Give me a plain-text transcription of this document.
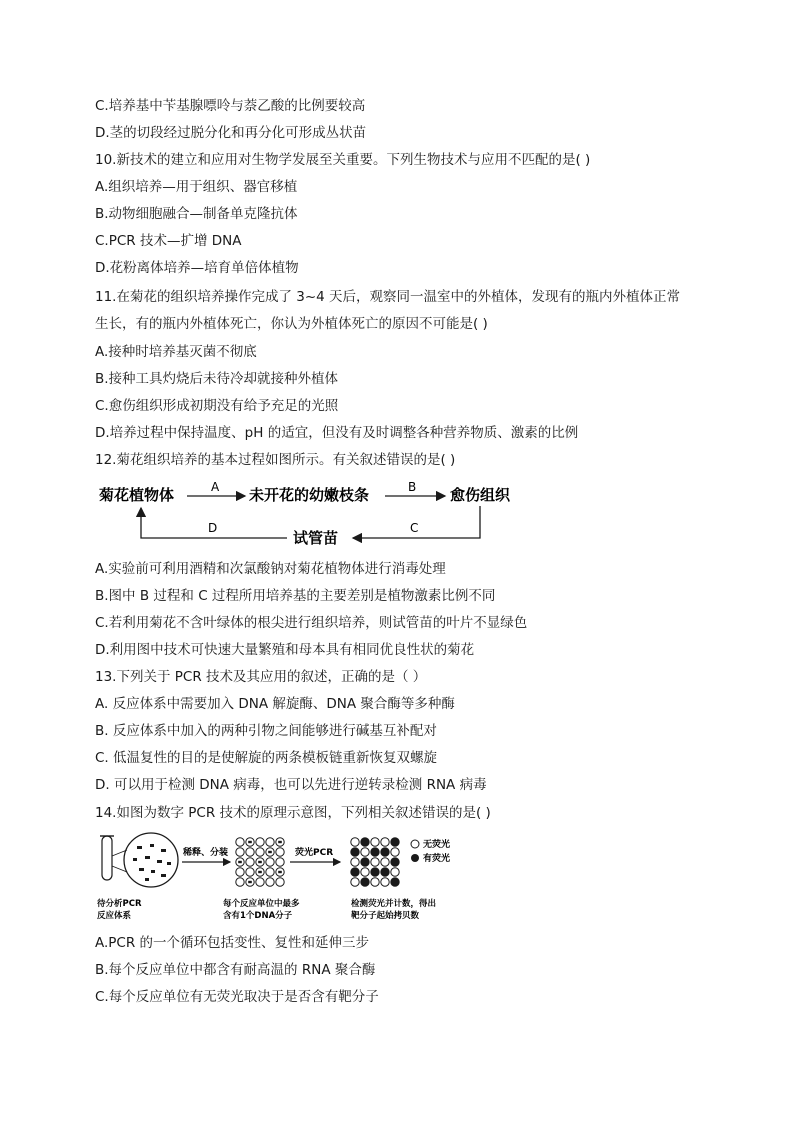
C.培养基中苄基腺嘌呤与萘乙酸的比例要较高
D.茎的切段经过脱分化和再分化可形成丛状苗
10.新技术的建立和应用对生物学发展至关重要。下列生物技术与应用不匹配的是( )
A.组织培养—用于组织、器官移植
B.动物细胞融合—制备单克隆抗体
C.PCR 技术—扩增 DNA
D.花粉离体培养—培育单倍体植物
11.在菊花的组织培养操作完成了 3~4 天后，观察同一温室中的外植体，发现有的瓶内外植体正常
生长，有的瓶内外植体死亡，你认为外植体死亡的原因不可能是( )
A.接种时培养基灭菌不彻底
B.接种工具灼烧后未待冷却就接种外植体
C.愈伤组织形成初期没有给予充足的光照
D.培养过程中保持温度、pH 的适宜，但没有及时调整各种营养物质、激素的比例
12.菊花组织培养的基本过程如图所示。有关叙述错误的是( )
菊花植物体	A 未开花的幼嫩枝条	B 愈伤组织
C
试管苗
D
A.实验前可利用酒精和次氯酸钠对菊花植物体进行消毒处理
B.图中 B 过程和 C 过程所用培养基的主要差别是植物激素比例不同
C.若利用菊花不含叶绿体的根尖进行组织培养，则试管苗的叶片不显绿色
D.利用图中技术可快速大量繁殖和母本具有相同优良性状的菊花
13.下列关于 PCR 技术及其应用的叙述，正确的是（ ）
A. 反应体系中需要加入 DNA 解旋酶、DNA 聚合酶等多种酶
B. 反应体系中加入的两种引物之间能够进行碱基互补配对
C. 低温复性的目的是使解旋的两条模板链重新恢复双螺旋
D. 可以用于检测 DNA 病毒，也可以先进行逆转录检测 RNA 病毒
14.如图为数字 PCR 技术的原理示意图，下列相关叙述错误的是( )
稀释、分装	荧光PCR
无荧光
有荧光
待分析PCR
反应体系
每个反应单位中最多
含有1个DNA分子
检测荧光并计数，得出
靶分子起始拷贝数
A.PCR 的一个循环包括变性、复性和延伸三步
B.每个反应单位中都含有耐高温的 RNA 聚合酶
C.每个反应单位有无荧光取决于是否含有靶分子
